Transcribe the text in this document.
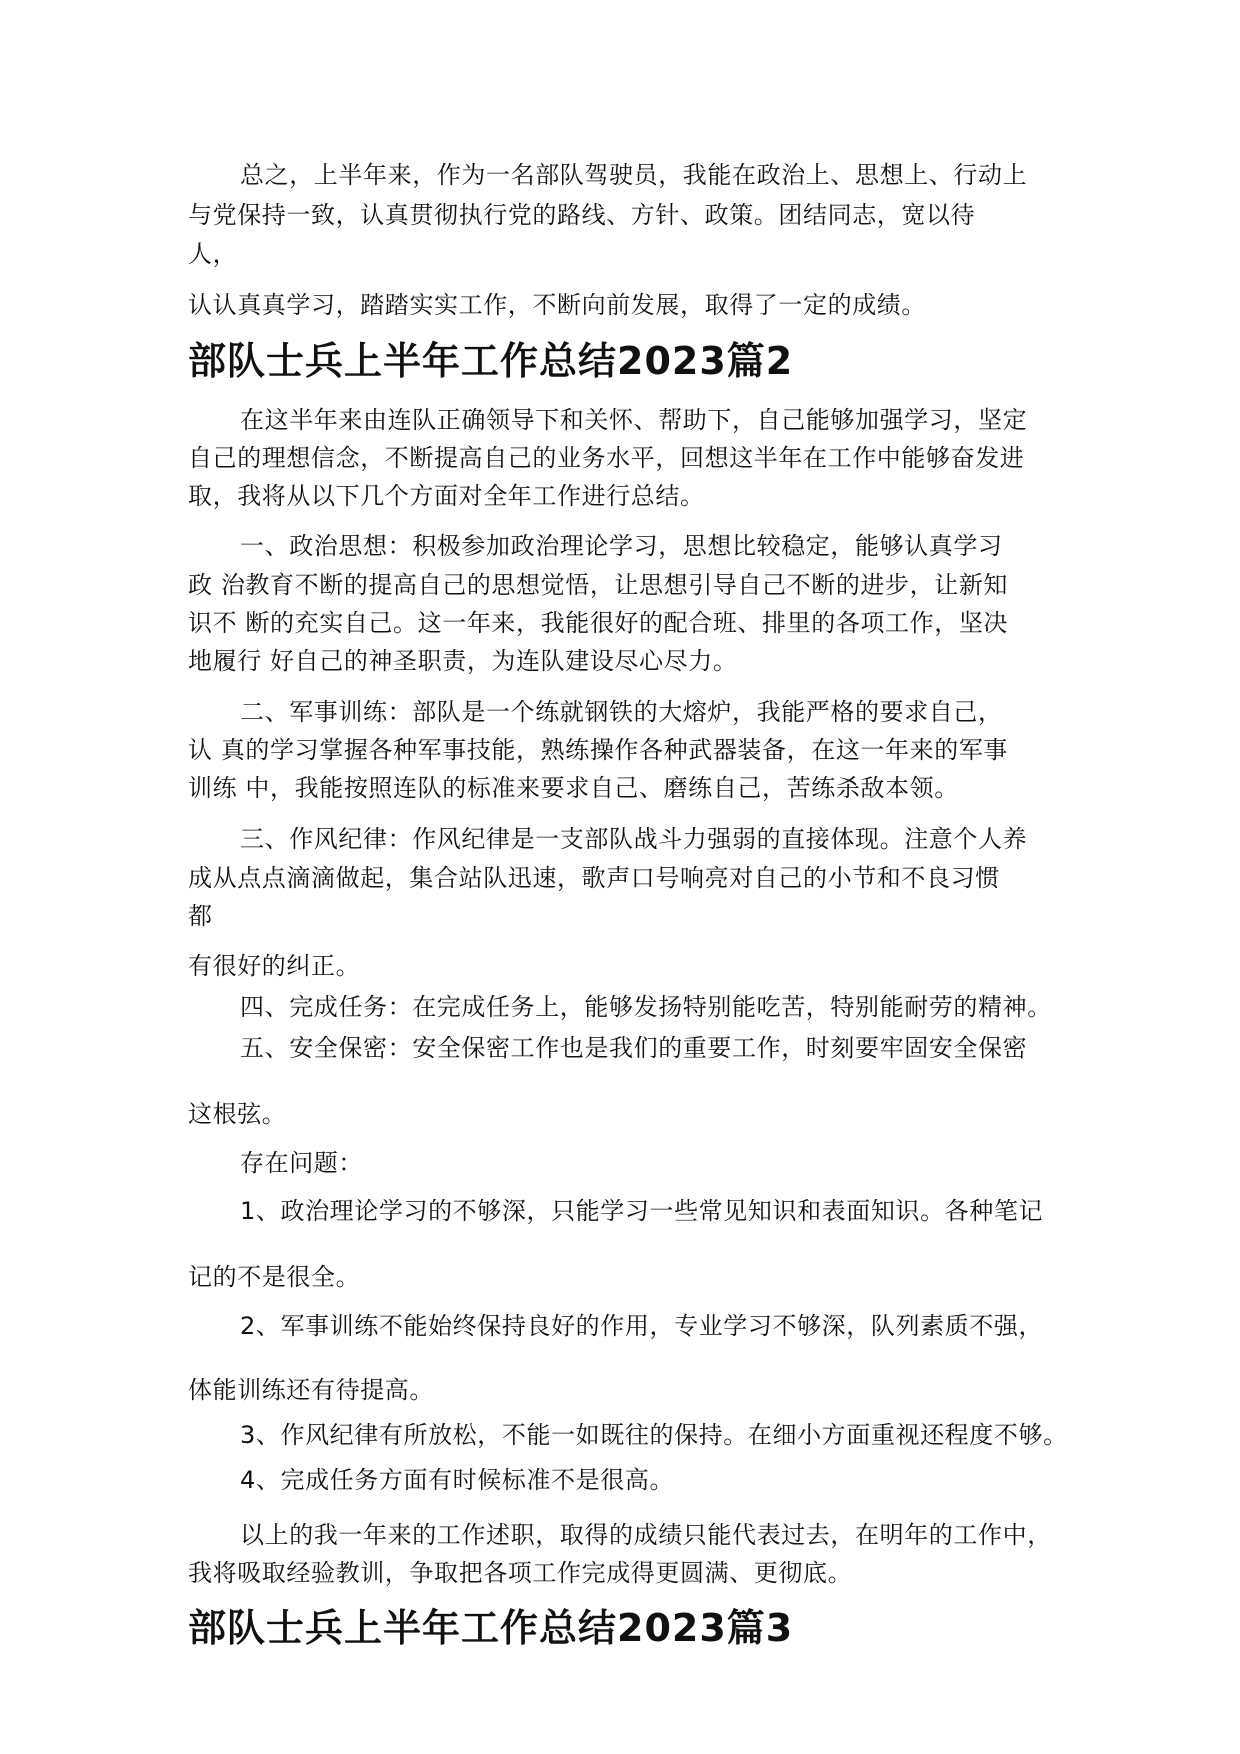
总之，上半年来，作为一名部队驾驶员，我能在政治上、思想上、行动上
与党保持一致，认真贯彻执行党的路线、方针、政策。团结同志，宽以待
人，
认认真真学习，踏踏实实工作，不断向前发展，取得了一定的成绩。
部队士兵上半年工作总结2023篇2
在这半年来由连队正确领导下和关怀、帮助下，自己能够加强学习，坚定
自己的理想信念，不断提高自己的业务水平，回想这半年在工作中能够奋发进
取，我将从以下几个方面对全年工作进行总结。
一、政治思想：积极参加政治理论学习，思想比较稳定，能够认真学习
政 治教育不断的提高自己的思想觉悟，让思想引导自己不断的进步，让新知
识不 断的充实自己。这一年来，我能很好的配合班、排里的各项工作，坚决
地履行 好自己的神圣职责，为连队建设尽心尽力。
二、军事训练：部队是一个练就钢铁的大熔炉，我能严格的要求自己，
认 真的学习掌握各种军事技能，熟练操作各种武器装备，在这一年来的军事
训练 中，我能按照连队的标准来要求自己、磨练自己，苦练杀敌本领。
三、作风纪律：作风纪律是一支部队战斗力强弱的直接体现。注意个人养
成从点点滴滴做起，集合站队迅速，歌声口号响亮对自己的小节和不良习惯
都
有很好的纠正。
四、完成任务：在完成任务上，能够发扬特别能吃苦，特别能耐劳的精神。
五、安全保密：安全保密工作也是我们的重要工作，时刻要牢固安全保密
这根弦。
存在问题：
1、政治理论学习的不够深，只能学习一些常见知识和表面知识。各种笔记
记的不是很全。
2、军事训练不能始终保持良好的作用，专业学习不够深，队列素质不强，
体能训练还有待提高。
3、作风纪律有所放松，不能一如既往的保持。在细小方面重视还程度不够。
4、完成任务方面有时候标准不是很高。
以上的我一年来的工作述职，取得的成绩只能代表过去，在明年的工作中，
我将吸取经验教训，争取把各项工作完成得更圆满、更彻底。
部队士兵上半年工作总结2023篇3
